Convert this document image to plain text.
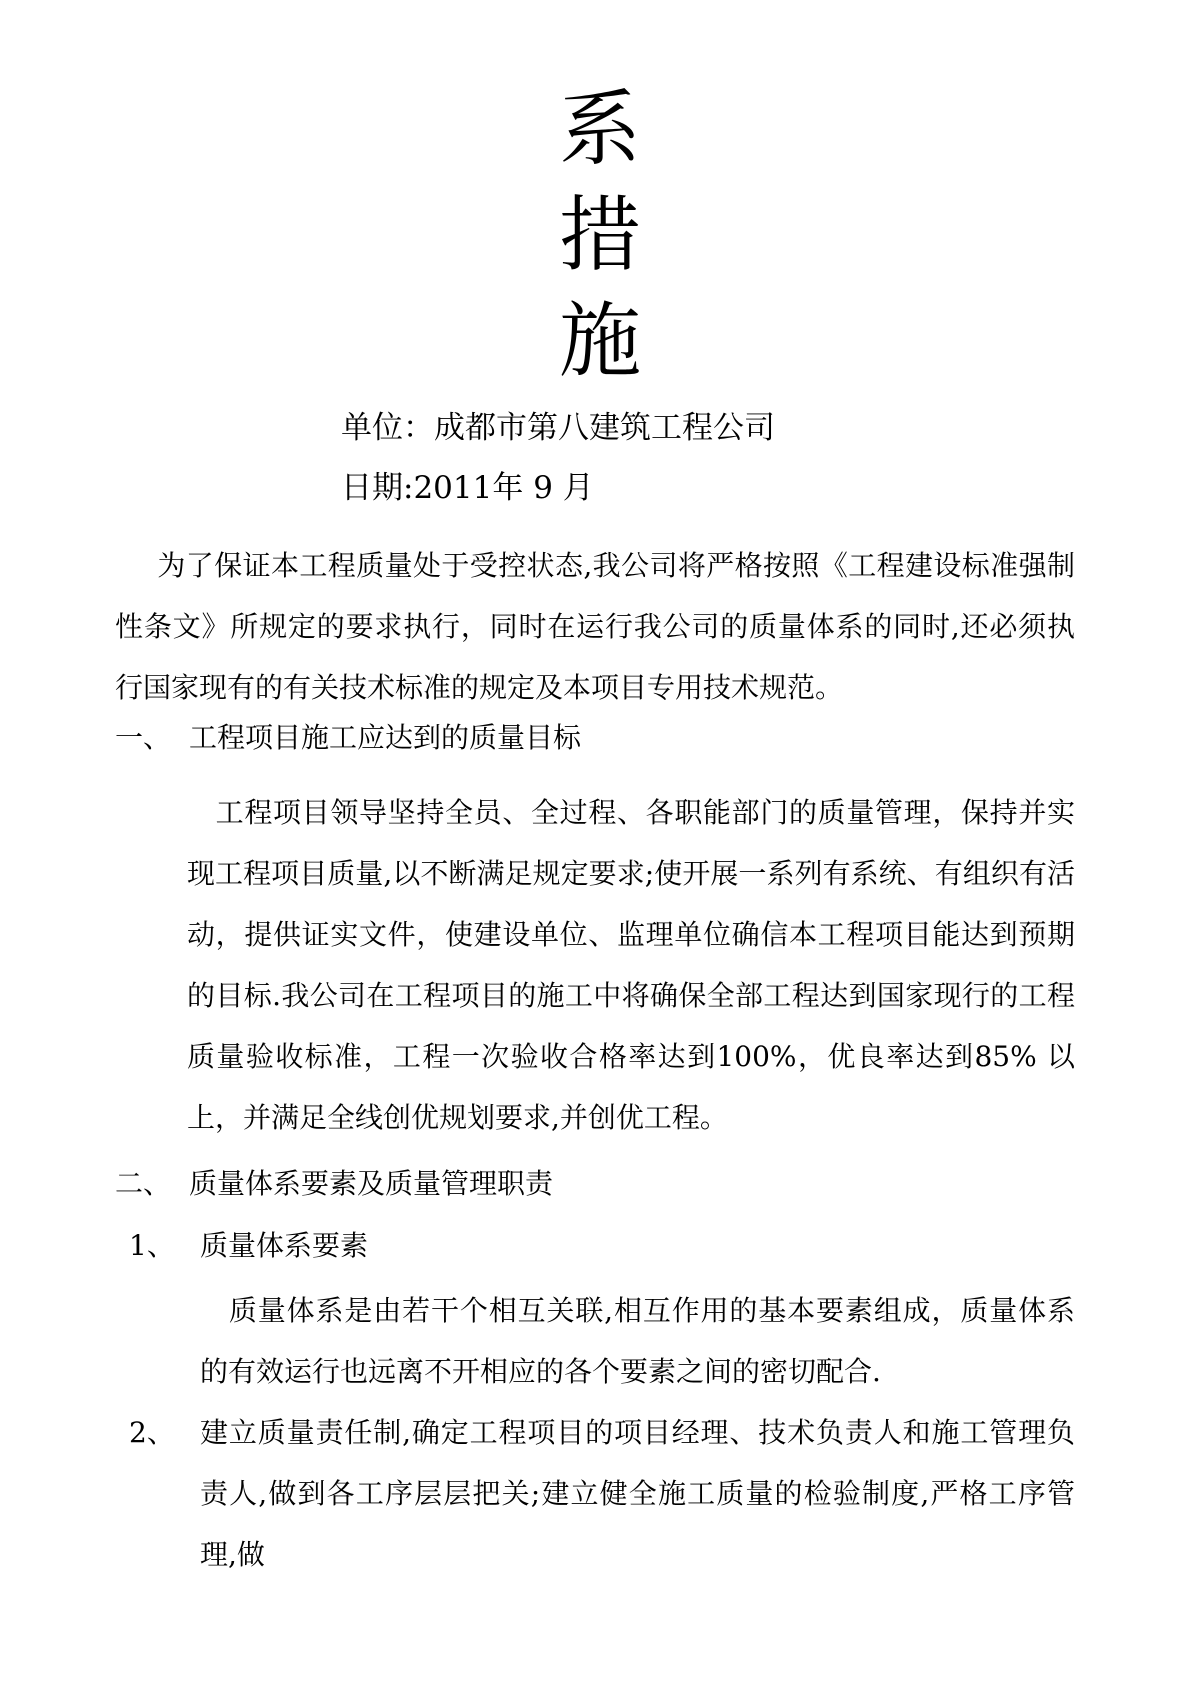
系
措
施
单位：成都市第八建筑工程公司
日期:2011年 9 月
为了保证本工程质量处于受控状态,我公司将严格按照《工程建设标准强制性条文》所规定的要求执行，同时在运行我公司的质量体系的同时,还必须执行国家现有的有关技术标准的规定及本项目专用技术规范。
一、 工程项目施工应达到的质量目标
工程项目领导坚持全员、全过程、各职能部门的质量管理，保持并实现工程项目质量,以不断满足规定要求;使开展一系列有系统、有组织有活动，提供证实文件，使建设单位、监理单位确信本工程项目能达到预期的目标.我公司在工程项目的施工中将确保全部工程达到国家现行的工程质量验收标准，工程一次验收合格率达到100%，优良率达到85% 以上，并满足全线创优规划要求,并创优工程。
二、 质量体系要素及质量管理职责
1、 质量体系要素
质量体系是由若干个相互关联,相互作用的基本要素组成，质量体系的有效运行也远离不开相应的各个要素之间的密切配合.
2、 建立质量责任制,确定工程项目的项目经理、技术负责人和施工管理负责人,做到各工序层层把关;建立健全施工质量的检验制度,严格工序管理,做
